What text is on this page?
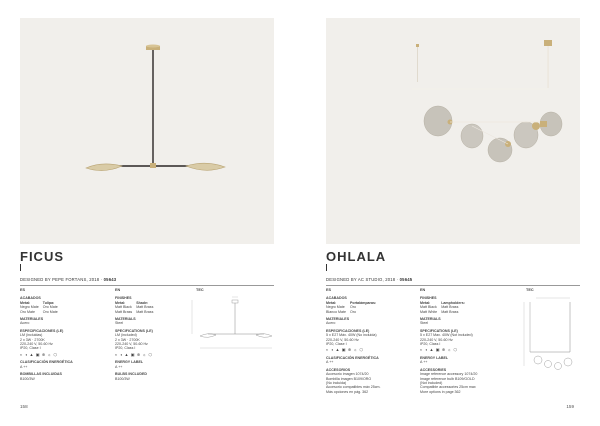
FICUS
DESIGNED BY PEPE FORTANS, 2018 · 05643
ES
ACABADOS
Metal:
Negro Mate
Oro Mate
Tulipa:
Oro Mate
Oro Mate
MATERIALES
Acero
ESPECIFICACIONES (LE)
LM (incluidas)
2 x 3W · 2700K
220-240 V, 50-60 Hz
IP20, Clase I
◐ ◑ ▲ ▣ ⊕ ☼ ⬡
CLASIFICACIÓN ENERGÉTICA
A ++
BOMBILLAS INCLUIDAS
B100/3W
EN
FINISHES
Metal:
Matt Black
Matt Brass
Shade:
Matt Brass
Matt Brass
MATERIALS
Steel
SPECIFICATIONS (LE)
LM (included)
2 x 3W · 2700K
220-240 V, 50-60 Hz
IP20, Class I
◐ ◑ ▲ ▣ ⊕ ☼ ⬡
ENERGY LABEL
A ++
BULBS INCLUDED
B100/3W
TEC
158
OHLALA
DESIGNED BY AC STUDIO, 2018 · 05645
ES
ACABADOS
Metal:
Negro Mate
Blanco Mate
Portalámparas:
Oro
Oro
MATERIALES
Acero
ESPECIFICACIONES (LE)
5 x E27 Máx. 40W (No incluida)
220-240 V, 50-60 Hz
IP20, Clase I
◐ ◑ ▲ ▣ ⊕ ☼ ⬡
CLASIFICACIÓN ENERGÉTICA
A ++
ACCESORIOS
Accesorio imagen 1074/20
Bombilla imagen B109/ORO
(No incluida)
Accesorio compatibles máx 25cm.
Más opciones en pág. 362
EN
FINISHES
Metal:
Matt Black
Matt White
Lampholders:
Matt Brass
Matt Brass
MATERIALS
Steel
SPECIFICATIONS (LE)
5 x E27 Max. 40W (Not included)
220-240 V, 50-60 Hz
IP20, Class I
◐ ◑ ▲ ▣ ⊕ ☼ ⬡
ENERGY LABEL
A ++
ACCESSORIES
Image reference accessory 1074/20
Image reference bulb B109/GOLD
(Not included)
Compatible accessories 25cm max
More options in page 362
TEC
159
